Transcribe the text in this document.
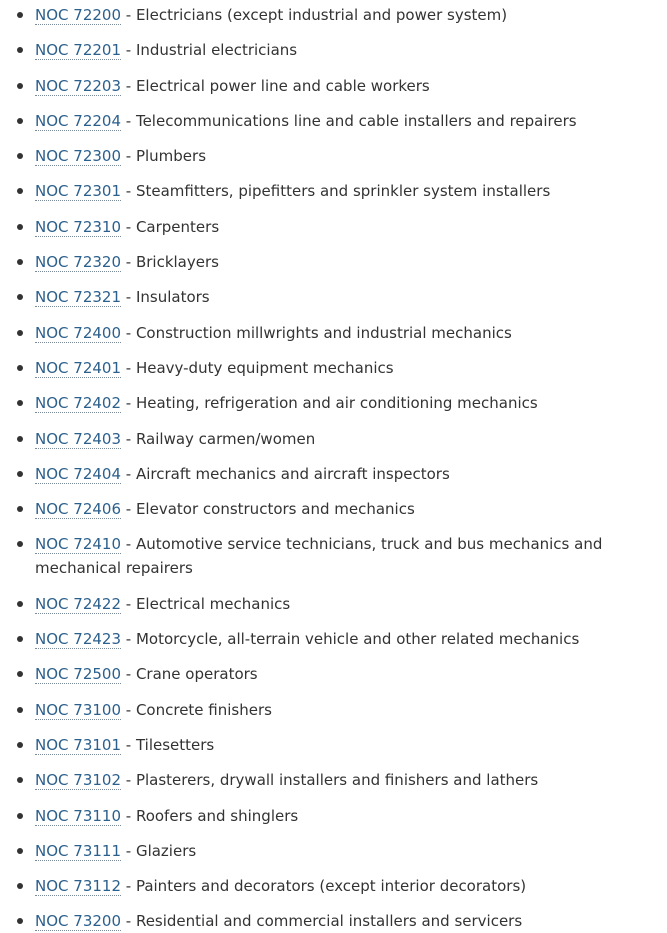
NOC 72200 - Electricians (except industrial and power system)
NOC 72201 - Industrial electricians
NOC 72203 - Electrical power line and cable workers
NOC 72204 - Telecommunications line and cable installers and repairers
NOC 72300 - Plumbers
NOC 72301 - Steamfitters, pipefitters and sprinkler system installers
NOC 72310 - Carpenters
NOC 72320 - Bricklayers
NOC 72321 - Insulators
NOC 72400 - Construction millwrights and industrial mechanics
NOC 72401 - Heavy-duty equipment mechanics
NOC 72402 - Heating, refrigeration and air conditioning mechanics
NOC 72403 - Railway carmen/women
NOC 72404 - Aircraft mechanics and aircraft inspectors
NOC 72406 - Elevator constructors and mechanics
NOC 72410 - Automotive service technicians, truck and bus mechanics and mechanical repairers
NOC 72422 - Electrical mechanics
NOC 72423 - Motorcycle, all-terrain vehicle and other related mechanics
NOC 72500 - Crane operators
NOC 73100 - Concrete finishers
NOC 73101 - Tilesetters
NOC 73102 - Plasterers, drywall installers and finishers and lathers
NOC 73110 - Roofers and shinglers
NOC 73111 - Glaziers
NOC 73112 - Painters and decorators (except interior decorators)
NOC 73200 - Residential and commercial installers and servicers
